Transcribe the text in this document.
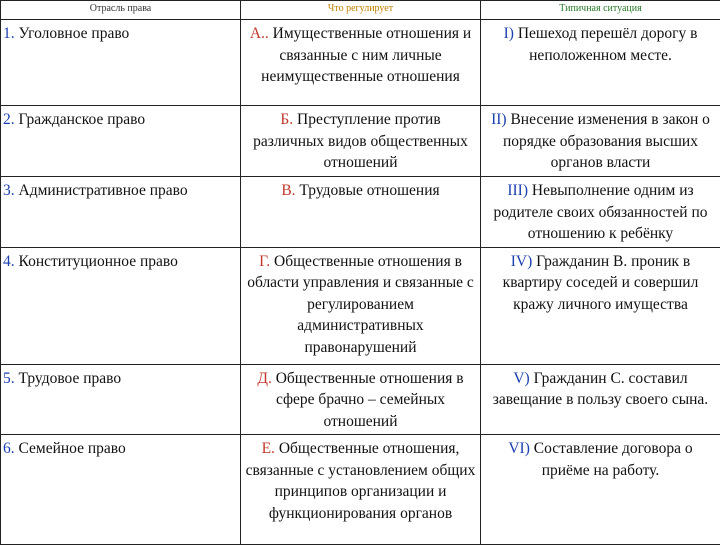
Отрасль права	Что регулирует	Типичная ситуация
1. Уголовное право	А.. Имущественные отношения и связанные с ним личные неимущественные отношения	I) Пешеход перешёл дорогу в неположенном месте.
2. Гражданское право	Б. Преступление против различных видов общественных отношений	II) Внесение изменения в закон о порядке образования высших органов власти
3. Административное право	В. Трудовые отношения	III) Невыполнение одним из родителе своих обязанностей по отношению к ребёнку
4. Конституционное право	Г. Общественные отношения в области управления и связанные с регулированием административных правонарушений	IV) Гражданин В. проник в квартиру соседей и совершил кражу личного имущества
5. Трудовое право	Д. Общественные отношения в сфере брачно – семейных отношений	V) Гражданин С. составил завещание в пользу своего сына.
6. Семейное право	Е. Общественные отношения, связанные с установлением общих принципов организации и функционирования органов	VI) Составление договора о приёме на работу.
